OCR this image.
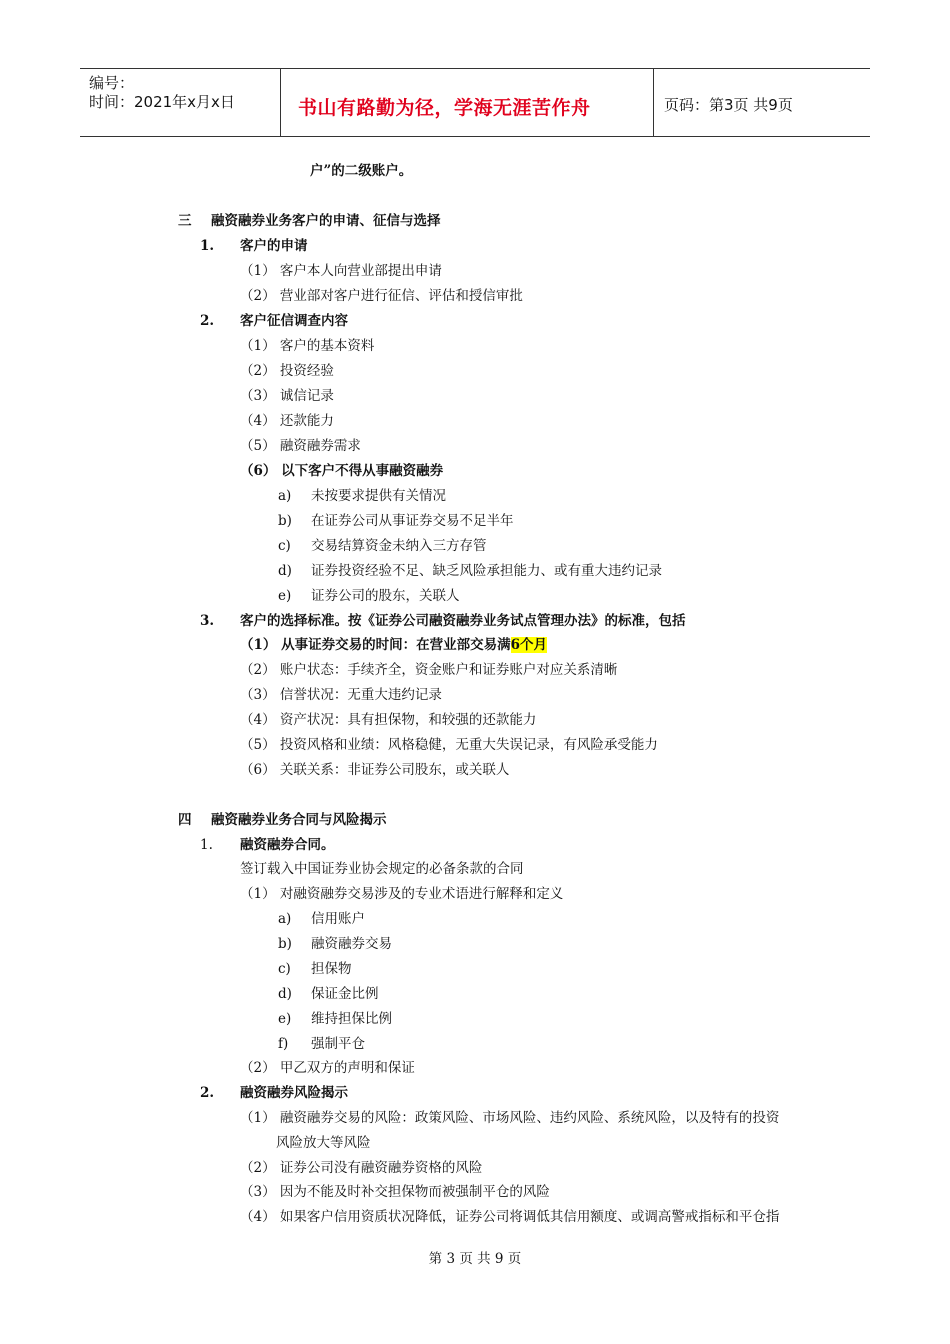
编号：
时间：2021年x月x日	书山有路勤为径，学海无涯苦作舟	页码：第3页 共9页
户”的二级账户。
三 融资融券业务客户的申请、征信与选择
1. 客户的申请
（1） 客户本人向营业部提出申请
（2） 营业部对客户进行征信、评估和授信审批
2. 客户征信调查内容
（1） 客户的基本资料
（2） 投资经验
（3） 诚信记录
（4） 还款能力
（5） 融资融券需求
（6） 以下客户不得从事融资融券
a) 未按要求提供有关情况
b) 在证券公司从事证券交易不足半年
c) 交易结算资金未纳入三方存管
d) 证券投资经验不足、缺乏风险承担能力、或有重大违约记录
e) 证券公司的股东，关联人
3. 客户的选择标准。按《证券公司融资融券业务试点管理办法》的标准，包括
（1） 从事证券交易的时间：在营业部交易满6个月
（2） 账户状态：手续齐全，资金账户和证券账户对应关系清晰
（3） 信誉状况：无重大违约记录
（4） 资产状况：具有担保物，和较强的还款能力
（5） 投资风格和业绩：风格稳健，无重大失误记录，有风险承受能力
（6） 关联关系：非证券公司股东，或关联人
四 融资融券业务合同与风险揭示
1. 融资融券合同。
签订载入中国证券业协会规定的必备条款的合同
（1） 对融资融券交易涉及的专业术语进行解释和定义
a) 信用账户
b) 融资融券交易
c) 担保物
d) 保证金比例
e) 维持担保比例
f) 强制平仓
（2） 甲乙双方的声明和保证
2. 融资融券风险揭示
（1） 融资融券交易的风险：政策风险、市场风险、违约风险、系统风险，以及特有的投资
风险放大等风险
（2） 证券公司没有融资融券资格的风险
（3） 因为不能及时补交担保物而被强制平仓的风险
（4） 如果客户信用资质状况降低，证券公司将调低其信用额度、或调高警戒指标和平仓指
第 3 页 共 9 页
